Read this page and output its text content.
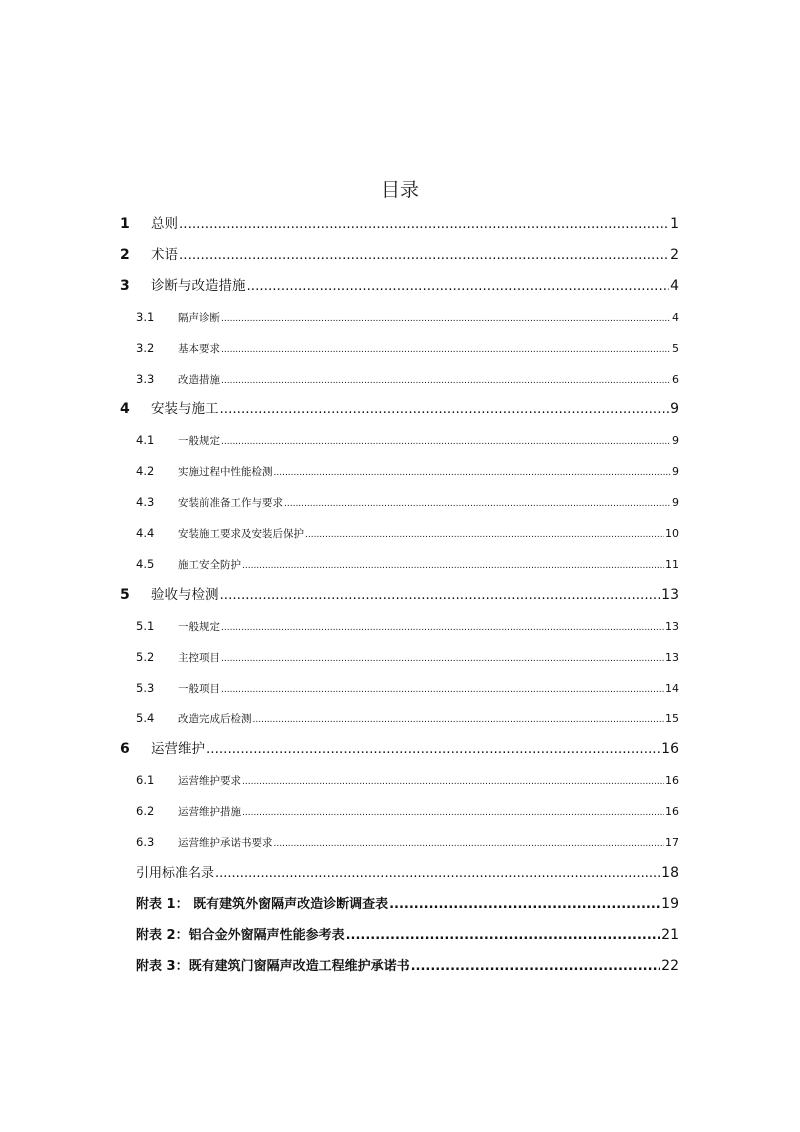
目录
1	总则 .....	1
2	术语 .....	2
3	诊断与改造措施 .....	4
3.1	隔声诊断 .....	4
3.2	基本要求 .....	5
3.3	改造措施 .....	6
4	安装与施工 .....	9
4.1	一般规定 .....	9
4.2	实施过程中性能检测 .....	9
4.3	安装前准备工作与要求 .....	9
4.4	安装施工要求及安装后保护 .....	10
4.5	施工安全防护 .....	11
5	验收与检测 .....	13
5.1	一般规定 .....	13
5.2	主控项目 .....	13
5.3	一般项目 .....	14
5.4	改造完成后检测 .....	15
6	运营维护 .....	16
6.1	运营维护要求 .....	16
6.2	运营维护措施 .....	16
6.3	运营维护承诺书要求 .....	17
引用标准名录 .....	18
附表 1： 既有建筑外窗隔声改造诊断调查表 .....	19
附表 2：铝合金外窗隔声性能参考表 .....	21
附表 3：既有建筑门窗隔声改造工程维护承诺书 .....	22
